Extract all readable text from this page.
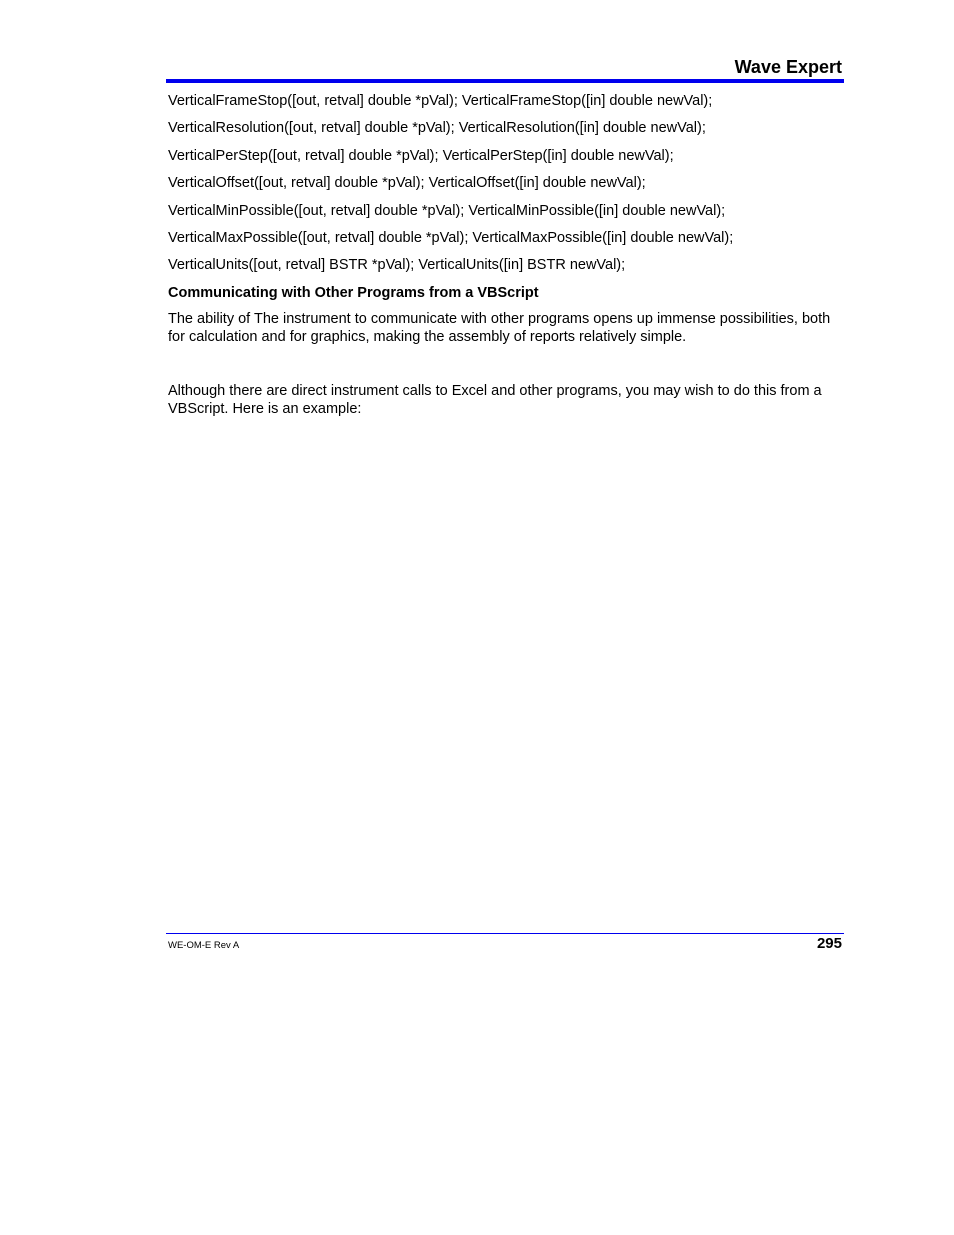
Wave Expert

VerticalFrameStop([out, retval] double *pVal); VerticalFrameStop([in] double newVal);

VerticalResolution([out, retval] double *pVal); VerticalResolution([in] double newVal);

VerticalPerStep([out, retval] double *pVal); VerticalPerStep([in] double newVal);

VerticalOffset([out, retval] double *pVal); VerticalOffset([in] double newVal);

VerticalMinPossible([out, retval] double *pVal); VerticalMinPossible([in] double newVal);

VerticalMaxPossible([out, retval] double *pVal); VerticalMaxPossible([in] double newVal);

VerticalUnits([out, retval] BSTR *pVal); VerticalUnits([in] BSTR newVal);

Communicating with Other Programs from a VBScript

The ability of The instrument to communicate with other programs opens up immense possibilities, both for calculation and for graphics, making the assembly of reports relatively simple.

Although there are direct instrument calls to Excel and other programs, you may wish to do this from a VBScript. Here is an example:

WE-OM-E Rev A	295
